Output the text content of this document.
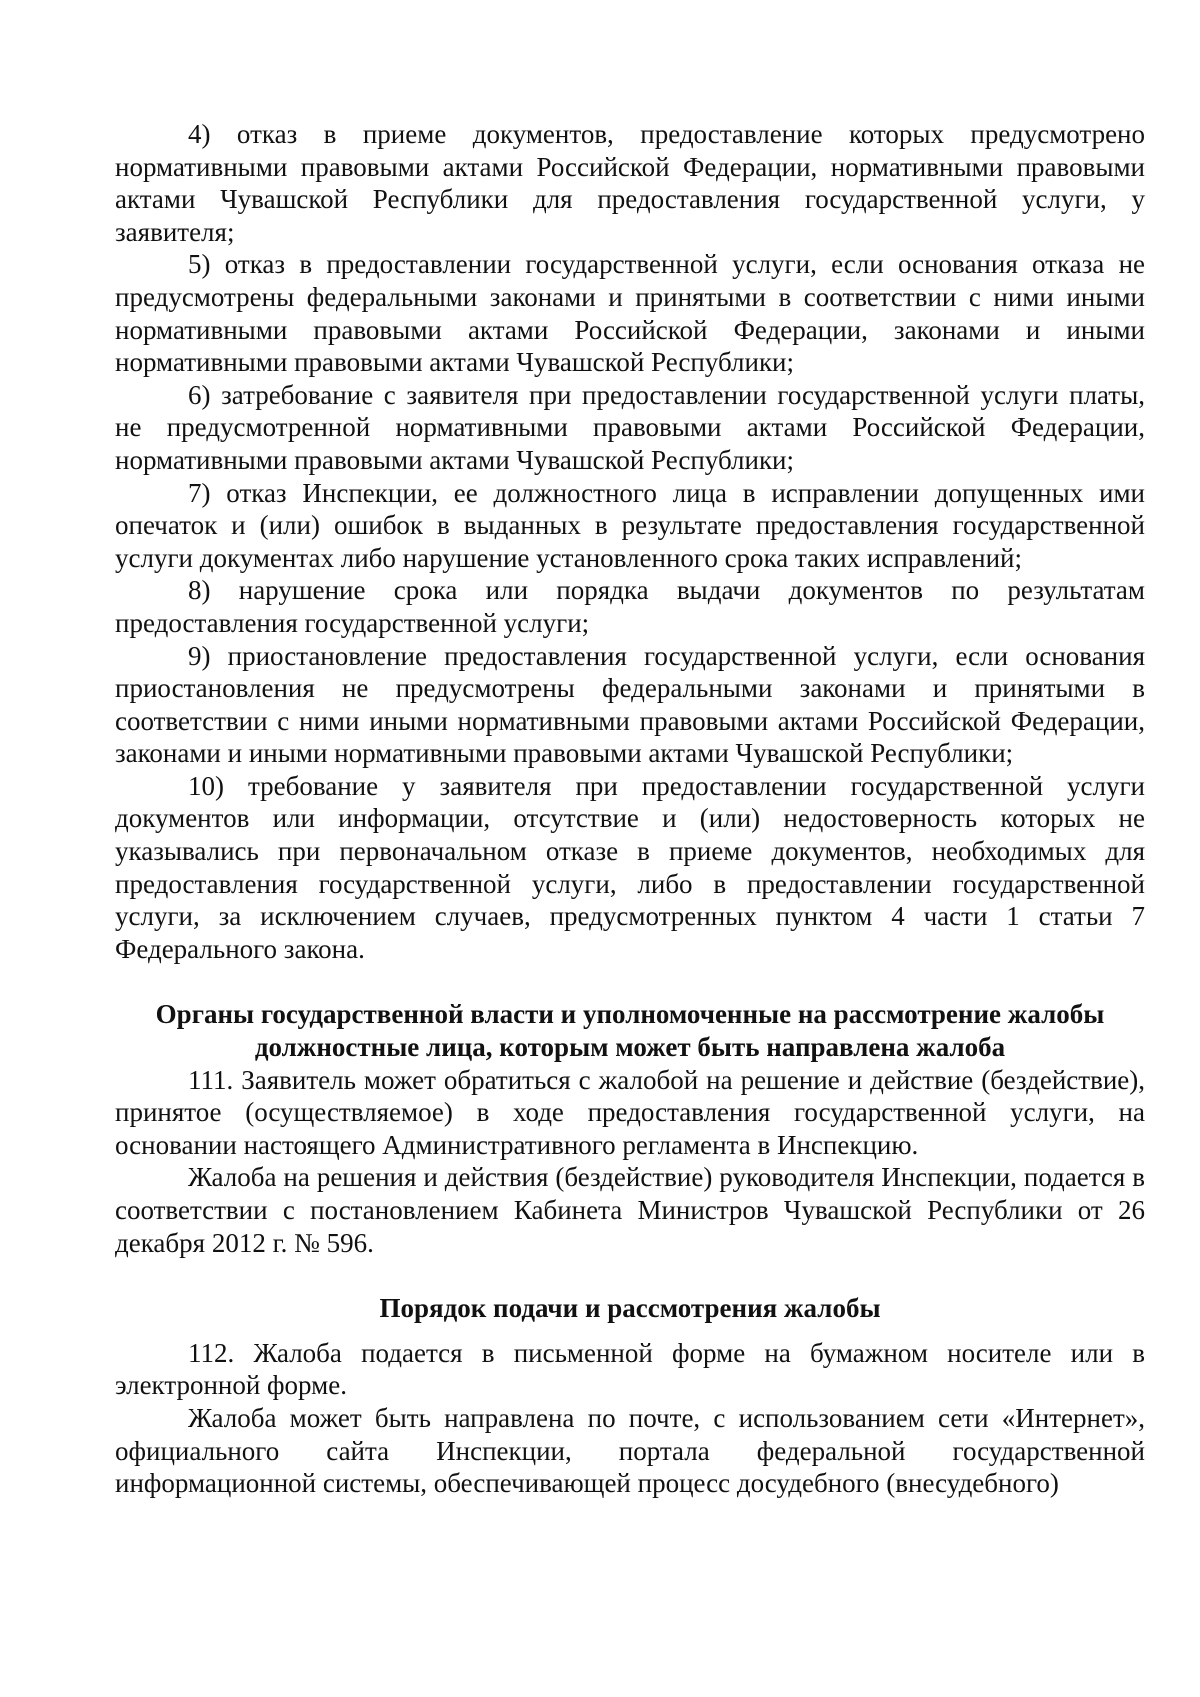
4) отказ в приеме документов, предоставление которых предусмотрено нормативными правовыми актами Российской Федерации, нормативными правовыми актами Чувашской Республики для предоставления государственной услуги, у заявителя;

5) отказ в предоставлении государственной услуги, если основания отказа не предусмотрены федеральными законами и принятыми в соответствии с ними иными нормативными правовыми актами Российской Федерации, законами и иными нормативными правовыми актами Чувашской Республики;

6) затребование с заявителя при предоставлении государственной услуги платы, не предусмотренной нормативными правовыми актами Российской Федерации, нормативными правовыми актами Чувашской Республики;

7) отказ Инспекции, ее должностного лица в исправлении допущенных ими опечаток и (или) ошибок в выданных в результате предоставления государственной услуги документах либо нарушение установленного срока таких исправлений;

8) нарушение срока или порядка выдачи документов по результатам предоставления государственной услуги;

9) приостановление предоставления государственной услуги, если основания приостановления не предусмотрены федеральными законами и принятыми в соответствии с ними иными нормативными правовыми актами Российской Федерации, законами и иными нормативными правовыми актами Чувашской Республики;

10) требование у заявителя при предоставлении государственной услуги документов или информации, отсутствие и (или) недостоверность которых не указывались при первоначальном отказе в приеме документов, необходимых для предоставления государственной услуги, либо в предоставлении государственной услуги, за исключением случаев, предусмотренных пунктом 4 части 1 статьи 7 Федерального закона.

Органы государственной власти и уполномоченные на рассмотрение жалобы
должностные лица, которым может быть направлена жалоба

111. Заявитель может обратиться с жалобой на решение и действие (бездействие), принятое (осуществляемое) в ходе предоставления государственной услуги, на основании настоящего Административного регламента в Инспекцию.

Жалоба на решения и действия (бездействие) руководителя Инспекции, подается в соответствии с постановлением Кабинета Министров Чувашской Республики от 26 декабря 2012 г. № 596.

Порядок подачи и рассмотрения жалобы

112. Жалоба подается в письменной форме на бумажном носителе или в электронной форме.

Жалоба может быть направлена по почте, с использованием сети «Интернет», официального сайта Инспекции, портала федеральной государственной информационной системы, обеспечивающей процесс досудебного (внесудебного)
